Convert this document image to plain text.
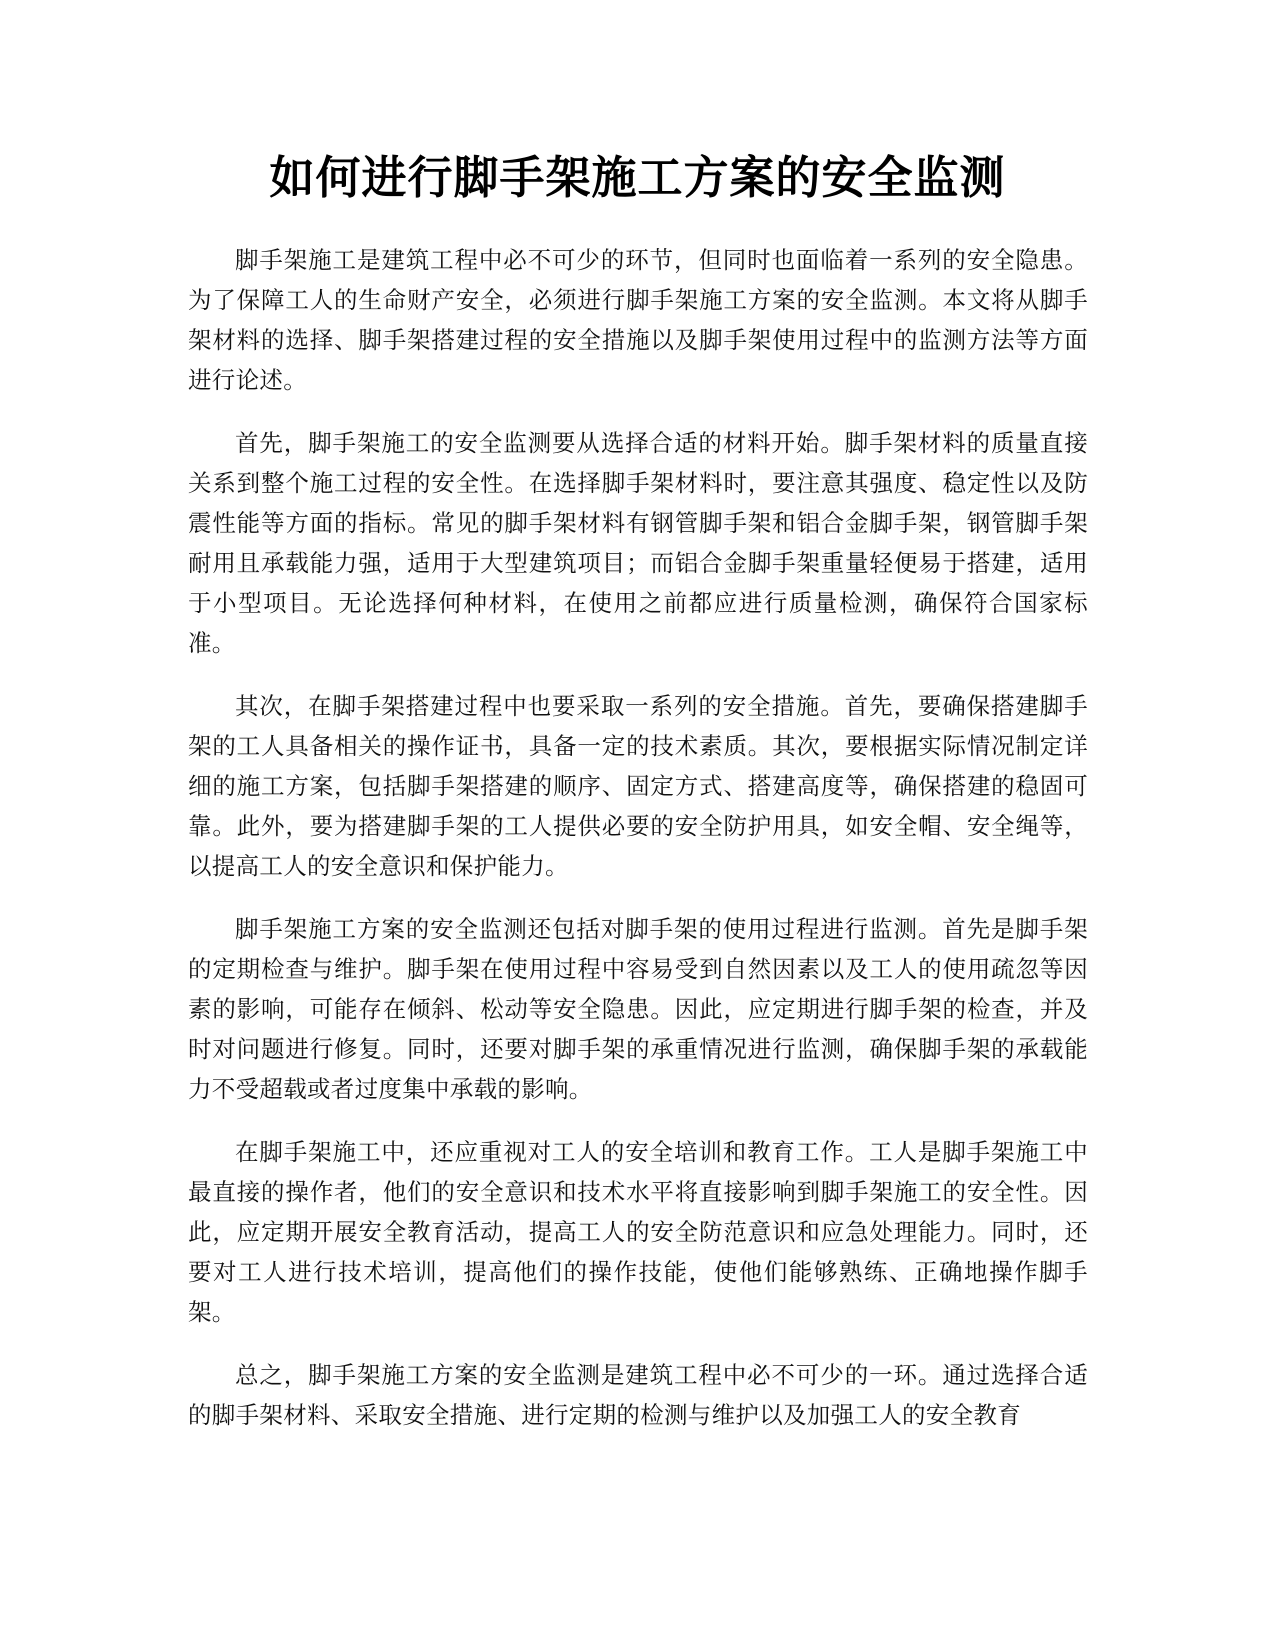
如何进行脚手架施工方案的安全监测

脚手架施工是建筑工程中必不可少的环节，但同时也面临着一系列的安全隐患。为了保障工人的生命财产安全，必须进行脚手架施工方案的安全监测。本文将从脚手架材料的选择、脚手架搭建过程的安全措施以及脚手架使用过程中的监测方法等方面进行论述。

首先，脚手架施工的安全监测要从选择合适的材料开始。脚手架材料的质量直接关系到整个施工过程的安全性。在选择脚手架材料时，要注意其强度、稳定性以及防震性能等方面的指标。常见的脚手架材料有钢管脚手架和铝合金脚手架，钢管脚手架耐用且承载能力强，适用于大型建筑项目；而铝合金脚手架重量轻便易于搭建，适用于小型项目。无论选择何种材料，在使用之前都应进行质量检测，确保符合国家标准。

其次，在脚手架搭建过程中也要采取一系列的安全措施。首先，要确保搭建脚手架的工人具备相关的操作证书，具备一定的技术素质。其次，要根据实际情况制定详细的施工方案，包括脚手架搭建的顺序、固定方式、搭建高度等，确保搭建的稳固可靠。此外，要为搭建脚手架的工人提供必要的安全防护用具，如安全帽、安全绳等，以提高工人的安全意识和保护能力。

脚手架施工方案的安全监测还包括对脚手架的使用过程进行监测。首先是脚手架的定期检查与维护。脚手架在使用过程中容易受到自然因素以及工人的使用疏忽等因素的影响，可能存在倾斜、松动等安全隐患。因此，应定期进行脚手架的检查，并及时对问题进行修复。同时，还要对脚手架的承重情况进行监测，确保脚手架的承载能力不受超载或者过度集中承载的影响。

在脚手架施工中，还应重视对工人的安全培训和教育工作。工人是脚手架施工中最直接的操作者，他们的安全意识和技术水平将直接影响到脚手架施工的安全性。因此，应定期开展安全教育活动，提高工人的安全防范意识和应急处理能力。同时，还要对工人进行技术培训，提高他们的操作技能，使他们能够熟练、正确地操作脚手架。

总之，脚手架施工方案的安全监测是建筑工程中必不可少的一环。通过选择合适的脚手架材料、采取安全措施、进行定期的检测与维护以及加强工人的安全教育
